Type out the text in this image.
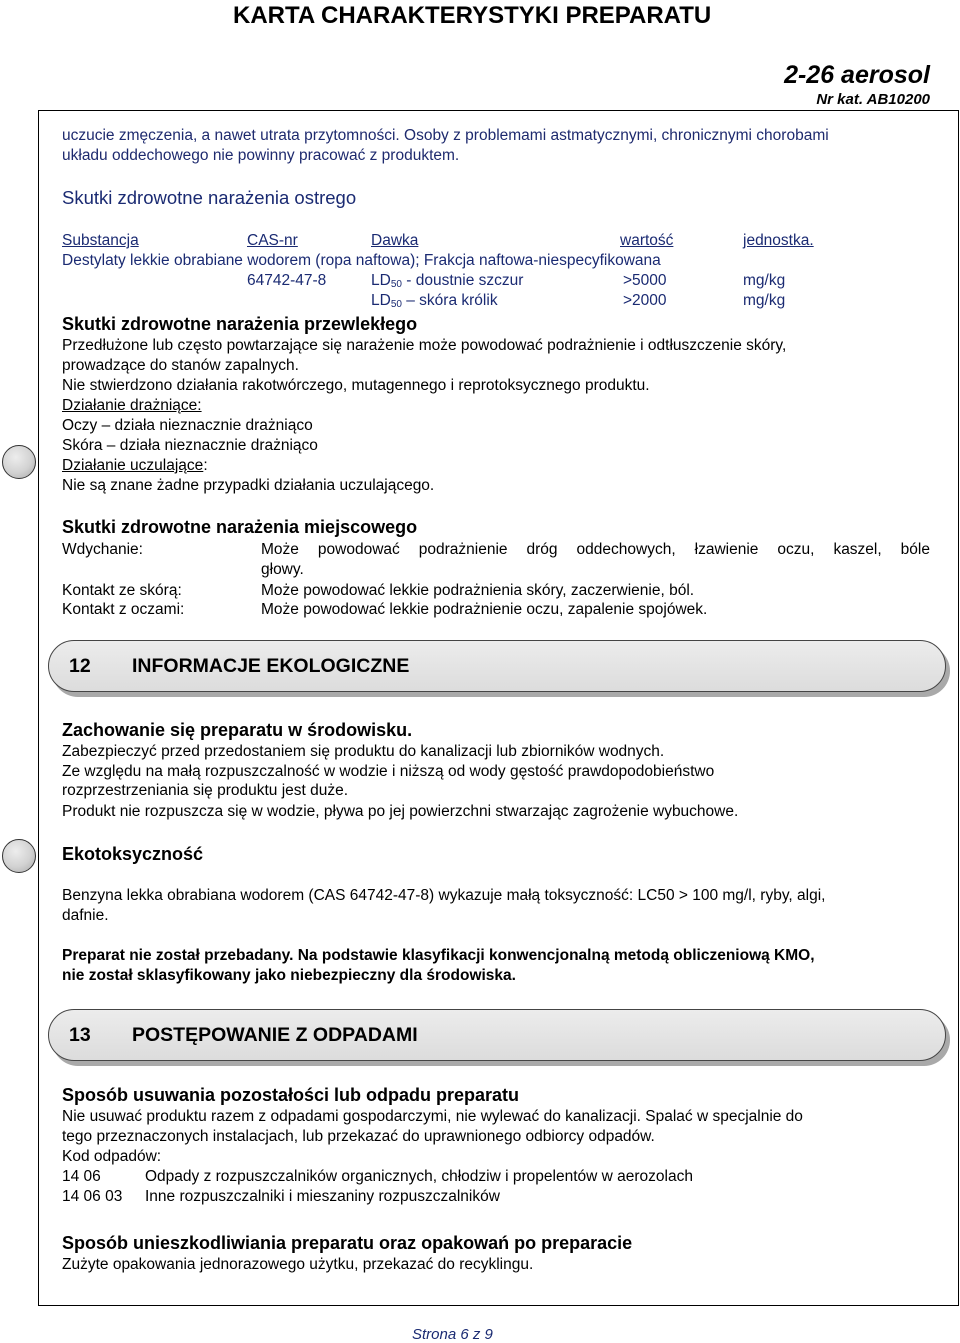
KARTA CHARAKTERYSTYKI PREPARATU
2-26 aerosol
Nr kat. AB10200
uczucie zmęczenia, a nawet utrata przytomności. Osoby z problemami astmatycznymi, chronicznymi chorobami
układu oddechowego nie powinny pracować z produktem.
Skutki zdrowotne narażenia ostrego
Substancja	CAS-nr	Dawka	wartość	jednostka.
Destylaty lekkie obrabiane wodorem (ropa naftowa); Frakcja naftowa-niespecyfikowana
64742-47-8	$LD_{50}$ - doustnie szczur	>5000	mg/kg
$LD_{50}$ – skóra królik	>2000	mg/kg
Skutki zdrowotne narażenia przewlekłego
Przedłużone lub często powtarzające się narażenie może powodować podrażnienie i odtłuszczenie skóry,
prowadzące do stanów zapalnych.
Nie stwierdzono działania rakotwórczego, mutagennego i reprotoksycznego produktu.
Działanie drażniące:
Oczy – działa nieznacznie drażniąco
Skóra – działa nieznacznie drażniąco
Działanie uczulające:
Nie są znane żadne przypadki działania uczulającego.
Skutki zdrowotne narażenia miejscowego
Wdychanie:	Może powodować podrażnienie dróg oddechowych, łzawienie oczu, kaszel, bóle
głowy.
Kontakt ze skórą:	Może powodować lekkie podrażnienia skóry, zaczerwienie, ból.
Kontakt z oczami:	Może powodować lekkie podrażnienie oczu, zapalenie spojówek.
12 INFORMACJE EKOLOGICZNE
Zachowanie się preparatu w środowisku.
Zabezpieczyć przed przedostaniem się produktu do kanalizacji lub zbiorników wodnych.
Ze względu na małą rozpuszczalność w wodzie i niższą od wody gęstość prawdopodobieństwo
rozprzestrzeniania się produktu jest duże.
Produkt nie rozpuszcza się w wodzie, pływa po jej powierzchni stwarzając zagrożenie wybuchowe.
Ekotoksyczność
Benzyna lekka obrabiana wodorem (CAS 64742-47-8) wykazuje małą toksyczność: LC50 > 100 mg/l, ryby, algi,
dafnie.
Preparat nie został przebadany. Na podstawie klasyfikacji konwencjonalną metodą obliczeniową KMO,
nie został sklasyfikowany jako niebezpieczny dla środowiska.
13 POSTĘPOWANIE Z ODPADAMI
Sposób usuwania pozostałości lub odpadu preparatu
Nie usuwać produktu razem z odpadami gospodarczymi, nie wylewać do kanalizacji. Spalać w specjalnie do
tego przeznaczonych instalacjach, lub przekazać do uprawnionego odbiorcy odpadów.
Kod odpadów:
14 06	Odpady z rozpuszczalników organicznych, chłodziw i propelentów w aerozolach
14 06 03 Inne rozpuszczalniki i mieszaniny rozpuszczalników
Sposób unieszkodliwiania preparatu oraz opakowań po preparacie
Zużyte opakowania jednorazowego użytku, przekazać do recyklingu.
Strona 6 z 9
